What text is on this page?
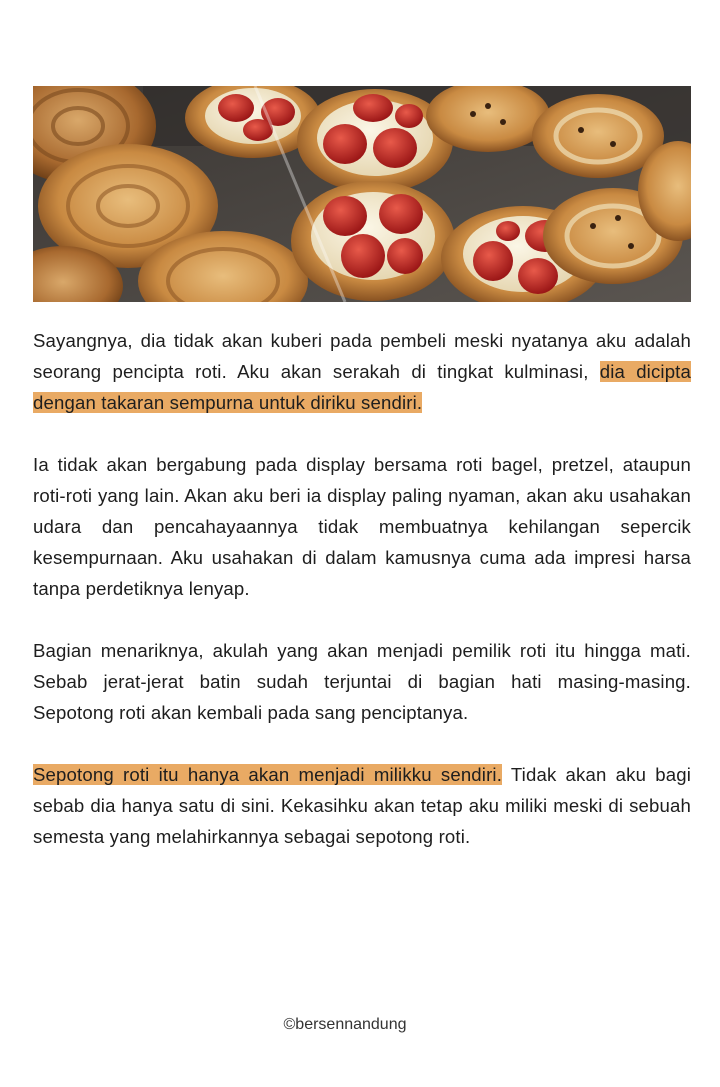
Sayangnya, dia tidak akan kuberi pada pembeli meski nyatanya aku adalah seorang pencipta roti. Aku akan serakah di tingkat kulminasi, dia dicipta dengan takaran sempurna untuk diriku sendiri.

Ia tidak akan bergabung pada display bersama roti bagel, pretzel, ataupun roti-roti yang lain. Akan aku beri ia display paling nyaman, akan aku usahakan udara dan pencahayaannya tidak membuatnya kehilangan sepercik kesempurnaan. Aku usahakan di dalam kamusnya cuma ada impresi harsa tanpa perdetiknya lenyap.

Bagian menariknya, akulah yang akan menjadi pemilik roti itu hingga mati. Sebab jerat-jerat batin sudah terjuntai di bagian hati masing-masing. Sepotong roti akan kembali pada sang penciptanya.

Sepotong roti itu hanya akan menjadi milikku sendiri. Tidak akan aku bagi sebab dia hanya satu di sini. Kekasihku akan tetap aku miliki meski di sebuah semesta yang melahirkannya sebagai sepotong roti.

©bersennandung
